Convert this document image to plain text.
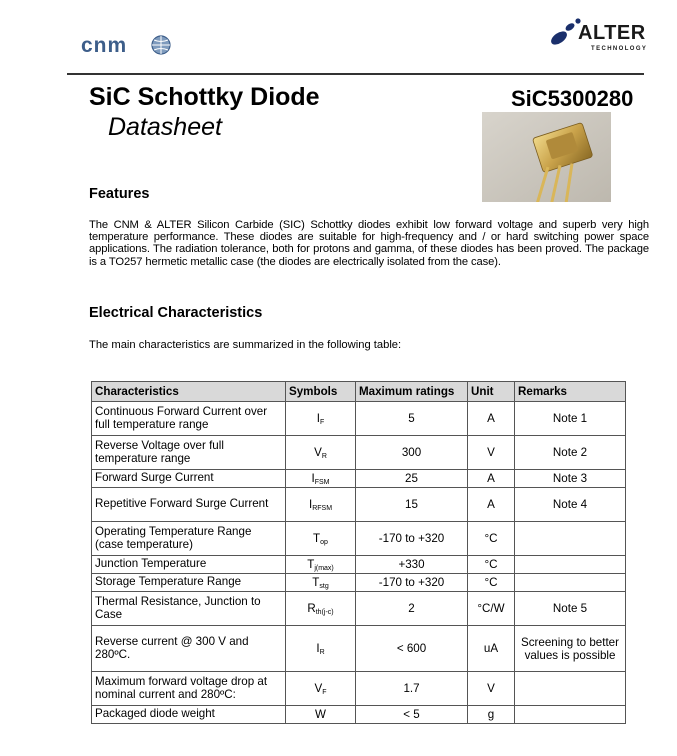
cnm
ALTER
TECHNOLOGY
SiC Schottky Diode
Datasheet
SiC5300280
Features
The CNM & ALTER Silicon Carbide (SIC) Schottky diodes exhibit low forward voltage and superb very high temperature performance. These diodes are suitable for high-frequency and / or hard switching power space applications. The radiation tolerance, both for protons and gamma, of these diodes has been proved. The package is a TO257 hermetic metallic case (the diodes are electrically isolated from the case).
Electrical Characteristics
The main characteristics are summarized in the following table:
Characteristics	Symbols	Maximum ratings	Unit	Remarks
Continuous Forward Current over full temperature range	IF	5	A	Note 1
Reverse Voltage over full temperature range	VR	300	V	Note 2
Forward Surge Current	IFSM	25	A	Note 3
Repetitive Forward Surge Current	IRFSM	15	A	Note 4
Operating Temperature Range (case temperature)	Top	-170 to +320	°C	
Junction Temperature	Tj(max)	+330	°C	
Storage Temperature Range	Tstg	-170 to +320	°C	
Thermal Resistance, Junction to Case	Rth(j-c)	2	°C/W	Note 5
Reverse current @ 300 V and 280ºC.	IR	< 600	uA	Screening to better values is possible
Maximum forward voltage drop at nominal current and 280ºC:	VF	1.7	V	
Packaged diode weight	W	< 5	g	
